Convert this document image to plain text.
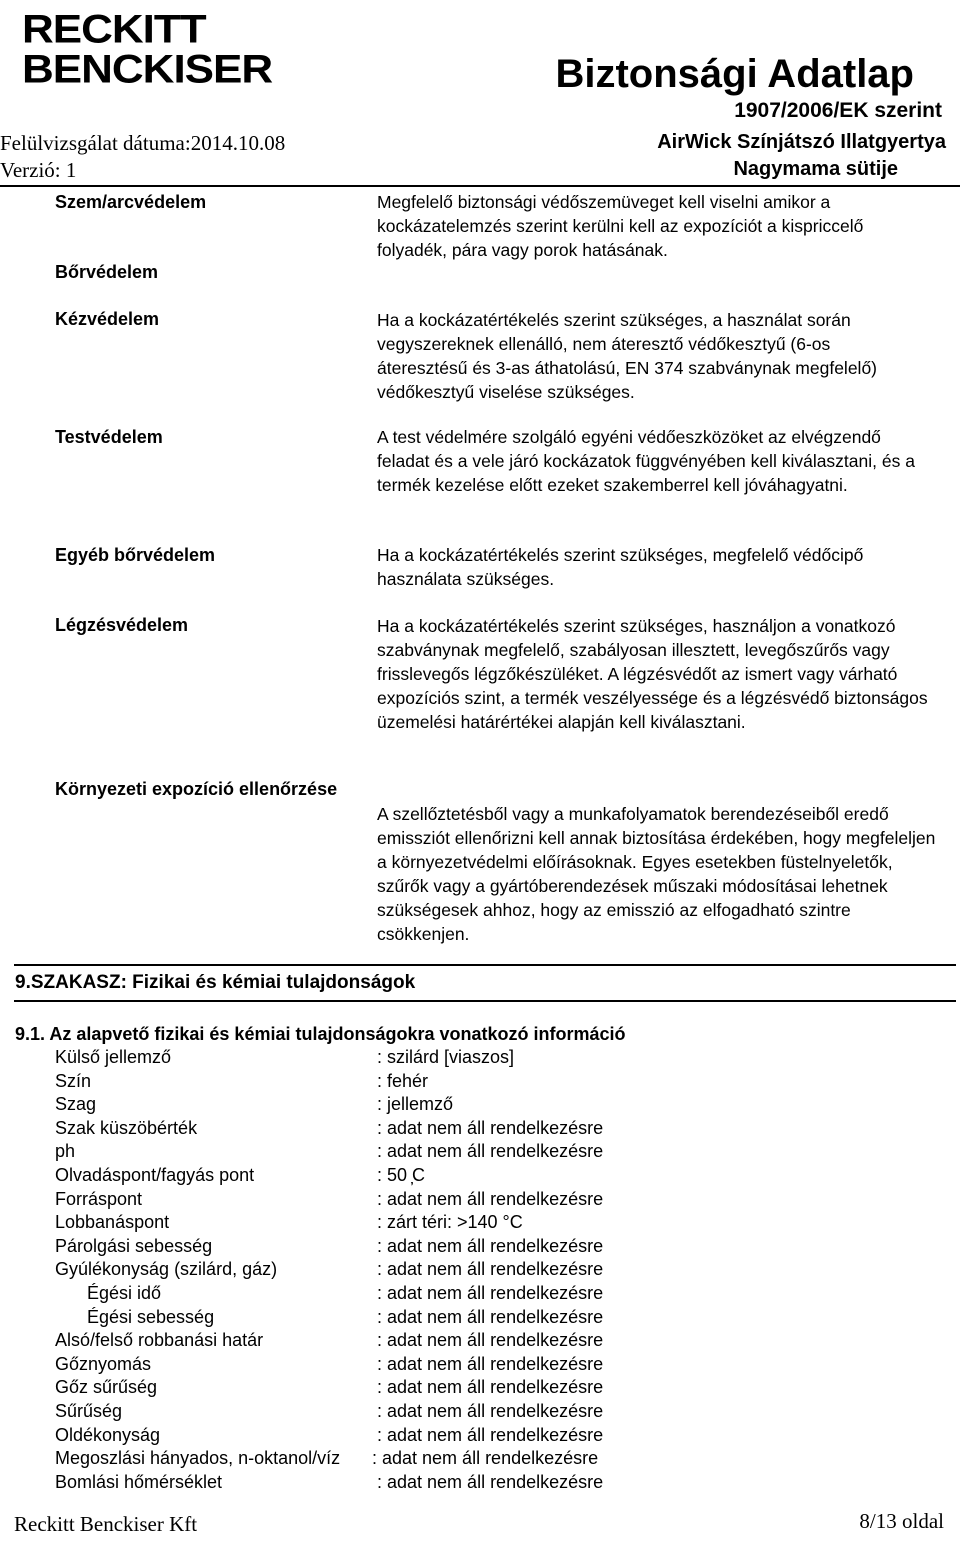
RECKITT
BENCKISER	Biztonsági Adatlap
1907/2006/EK szerint
Felülvizsgálat dátuma:2014.10.08	AirWick Színjátszó Illatgyertya
Verzió: 1	Nagymama sütije
Szem/arcvédelem	Megfelelő biztonsági védőszemüveget kell viselni amikor a kockázatelemzés szerint kerülni kell az expozíciót a kispriccelő folyadék, pára vagy porok hatásának.
Bőrvédelem
Kézvédelem	Ha a kockázatértékelés szerint szükséges, a használat során vegyszereknek ellenálló, nem áteresztő védőkesztyű (6-os áteresztésű és 3-as áthatolású, EN 374 szabványnak megfelelő) védőkesztyű viselése szükséges.
Testvédelem	A test védelmére szolgáló egyéni védőeszközöket az elvégzendő feladat és a vele járó kockázatok függvényében kell kiválasztani, és a termék kezelése előtt ezeket szakemberrel kell jóváhagyatni.
Egyéb bőrvédelem	Ha a kockázatértékelés szerint szükséges, megfelelő védőcipő használata szükséges.
Légzésvédelem	Ha a kockázatértékelés szerint szükséges, használjon a vonatkozó szabványnak megfelelő, szabályosan illesztett, levegőszűrős vagy frisslevegős légzőkészüléket. A légzésvédőt az ismert vagy várható expozíciós szint, a termék veszélyessége és a légzésvédő biztonságos üzemelési határértékei alapján kell kiválasztani.
Környezeti expozíció ellenőrzése
A szellőztetésből vagy a munkafolyamatok berendezéseiből eredő emissziót ellenőrizni kell annak biztosítása érdekében, hogy megfeleljen a környezetvédelmi előírásoknak. Egyes esetekben füstelnyeletők, szűrők vagy a gyártóberendezések műszaki módosításai lehetnek szükségesek ahhoz, hogy az emisszió az elfogadható szintre csökkenjen.
9.SZAKASZ: Fizikai és kémiai tulajdonságok
9.1. Az alapvető fizikai és kémiai tulajdonságokra vonatkozó információ
Külső jellemző	: szilárd [viaszos]
Szín	: fehér
Szag	: jellemző
Szak küszöbérték	: adat nem áll rendelkezésre
ph	: adat nem áll rendelkezésre
Olvadáspont/fagyás pont	: 50 ̦C
Forráspont	: adat nem áll rendelkezésre
Lobbanáspont	: zárt téri: >140 °C
Párolgási sebesség	: adat nem áll rendelkezésre
Gyúlékonyság (szilárd, gáz)	: adat nem áll rendelkezésre
Égési idő	: adat nem áll rendelkezésre
Égési sebesség	: adat nem áll rendelkezésre
Alsó/felső robbanási határ	: adat nem áll rendelkezésre
Gőznyomás	: adat nem áll rendelkezésre
Gőz sűrűség	: adat nem áll rendelkezésre
Sűrűség	: adat nem áll rendelkezésre
Oldékonyság	: adat nem áll rendelkezésre
Megoszlási hányados, n-oktanol/víz : adat nem áll rendelkezésre
Bomlási hőmérséklet	: adat nem áll rendelkezésre
Reckitt Benckiser Kft	8/13 oldal
